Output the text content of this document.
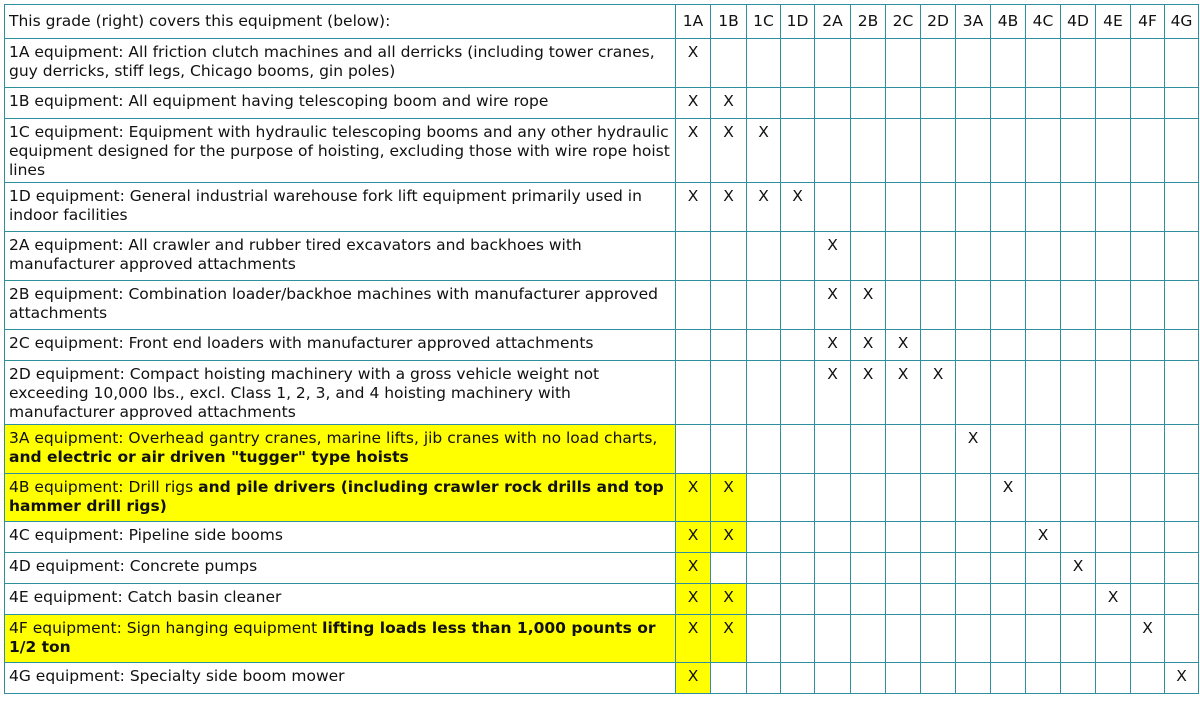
This grade (right) covers this equipment (below):	1A	1B	1C	1D	2A	2B	2C	2D	3A	4B	4C	4D	4E	4F	4G
1A equipment: All friction clutch machines and all derricks (including tower cranes, guy derricks, stiff legs, Chicago booms, gin poles)	X														
1B equipment: All equipment having telescoping boom and wire rope	X	X													
1C equipment: Equipment with hydraulic telescoping booms and any other hydraulic equipment designed for the purpose of hoisting, excluding those with wire rope hoist lines	X	X	X												
1D equipment: General industrial warehouse fork lift equipment primarily used in indoor facilities	X	X	X	X											
2A equipment: All crawler and rubber tired excavators and backhoes with manufacturer approved attachments					X										
2B equipment: Combination loader/backhoe machines with manufacturer approved attachments					X	X									
2C equipment: Front end loaders with manufacturer approved attachments					X	X	X								
2D equipment: Compact hoisting machinery with a gross vehicle weight not exceeding 10,000 lbs., excl. Class 1, 2, 3, and 4 hoisting machinery with manufacturer approved attachments					X	X	X	X							
3A equipment: Overhead gantry cranes, marine lifts, jib cranes with no load charts, and electric or air driven "tugger" type hoists									X						
4B equipment: Drill rigs and pile drivers (including crawler rock drills and top hammer drill rigs)	X	X								X					
4C equipment: Pipeline side booms	X	X									X				
4D equipment: Concrete pumps	X											X			
4E equipment: Catch basin cleaner	X	X											X		
4F equipment: Sign hanging equipment lifting loads less than 1,000 pounts or 1/2 ton	X	X												X	
4G equipment: Specialty side boom mower	X														X
